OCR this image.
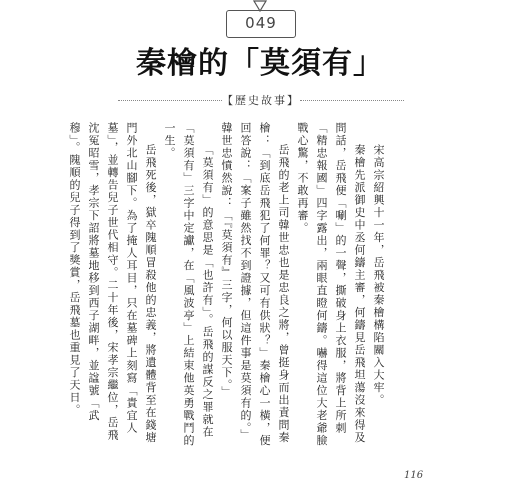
049
秦檜的「莫須有」
【歷史故事】

宋高宗紹興十一年，岳飛被秦檜構陷關入大牢。

秦檜先派御史中丞何鑄主審，何鑄見岳飛坦蕩沒來得及問話，岳飛便「唰」的一聲，撕破身上衣服，將背上所刺「精忠報國」四字露出，兩眼直瞪何鑄。嚇得這位大老爺臉戰心驚，不敢再審。

岳飛的老上司韓世忠也是忠良之將，曾挺身而出責問秦檜：「到底岳飛犯了何罪？又可有供狀？」秦檜心一橫，便回答說：「案子雖然找不到證據，但這件事是莫須有的。」韓世忠憤然說：「『莫須有』三字，何以服天下。」

「莫須有」的意思是「也許有」。岳飛的謀反之罪就在「莫須有」三字中定讞，在「風波亭」上結束他英勇戰鬥的一生。

岳飛死後，獄卒隗順冒殺他的忠義，將遺體背至在錢塘門外北山腳下。為了掩人耳目，只在墓碑上刻寫「貴宜人墓」，並轉告兒子世代相守。二十年後，宋孝宗繼位，岳飛沈冤昭雪，孝宗下詔將墓地移到西子湖畔，並諡號「武穆」。隗順的兒子得到了獎賞，岳飛墓也重見了天日。

116
